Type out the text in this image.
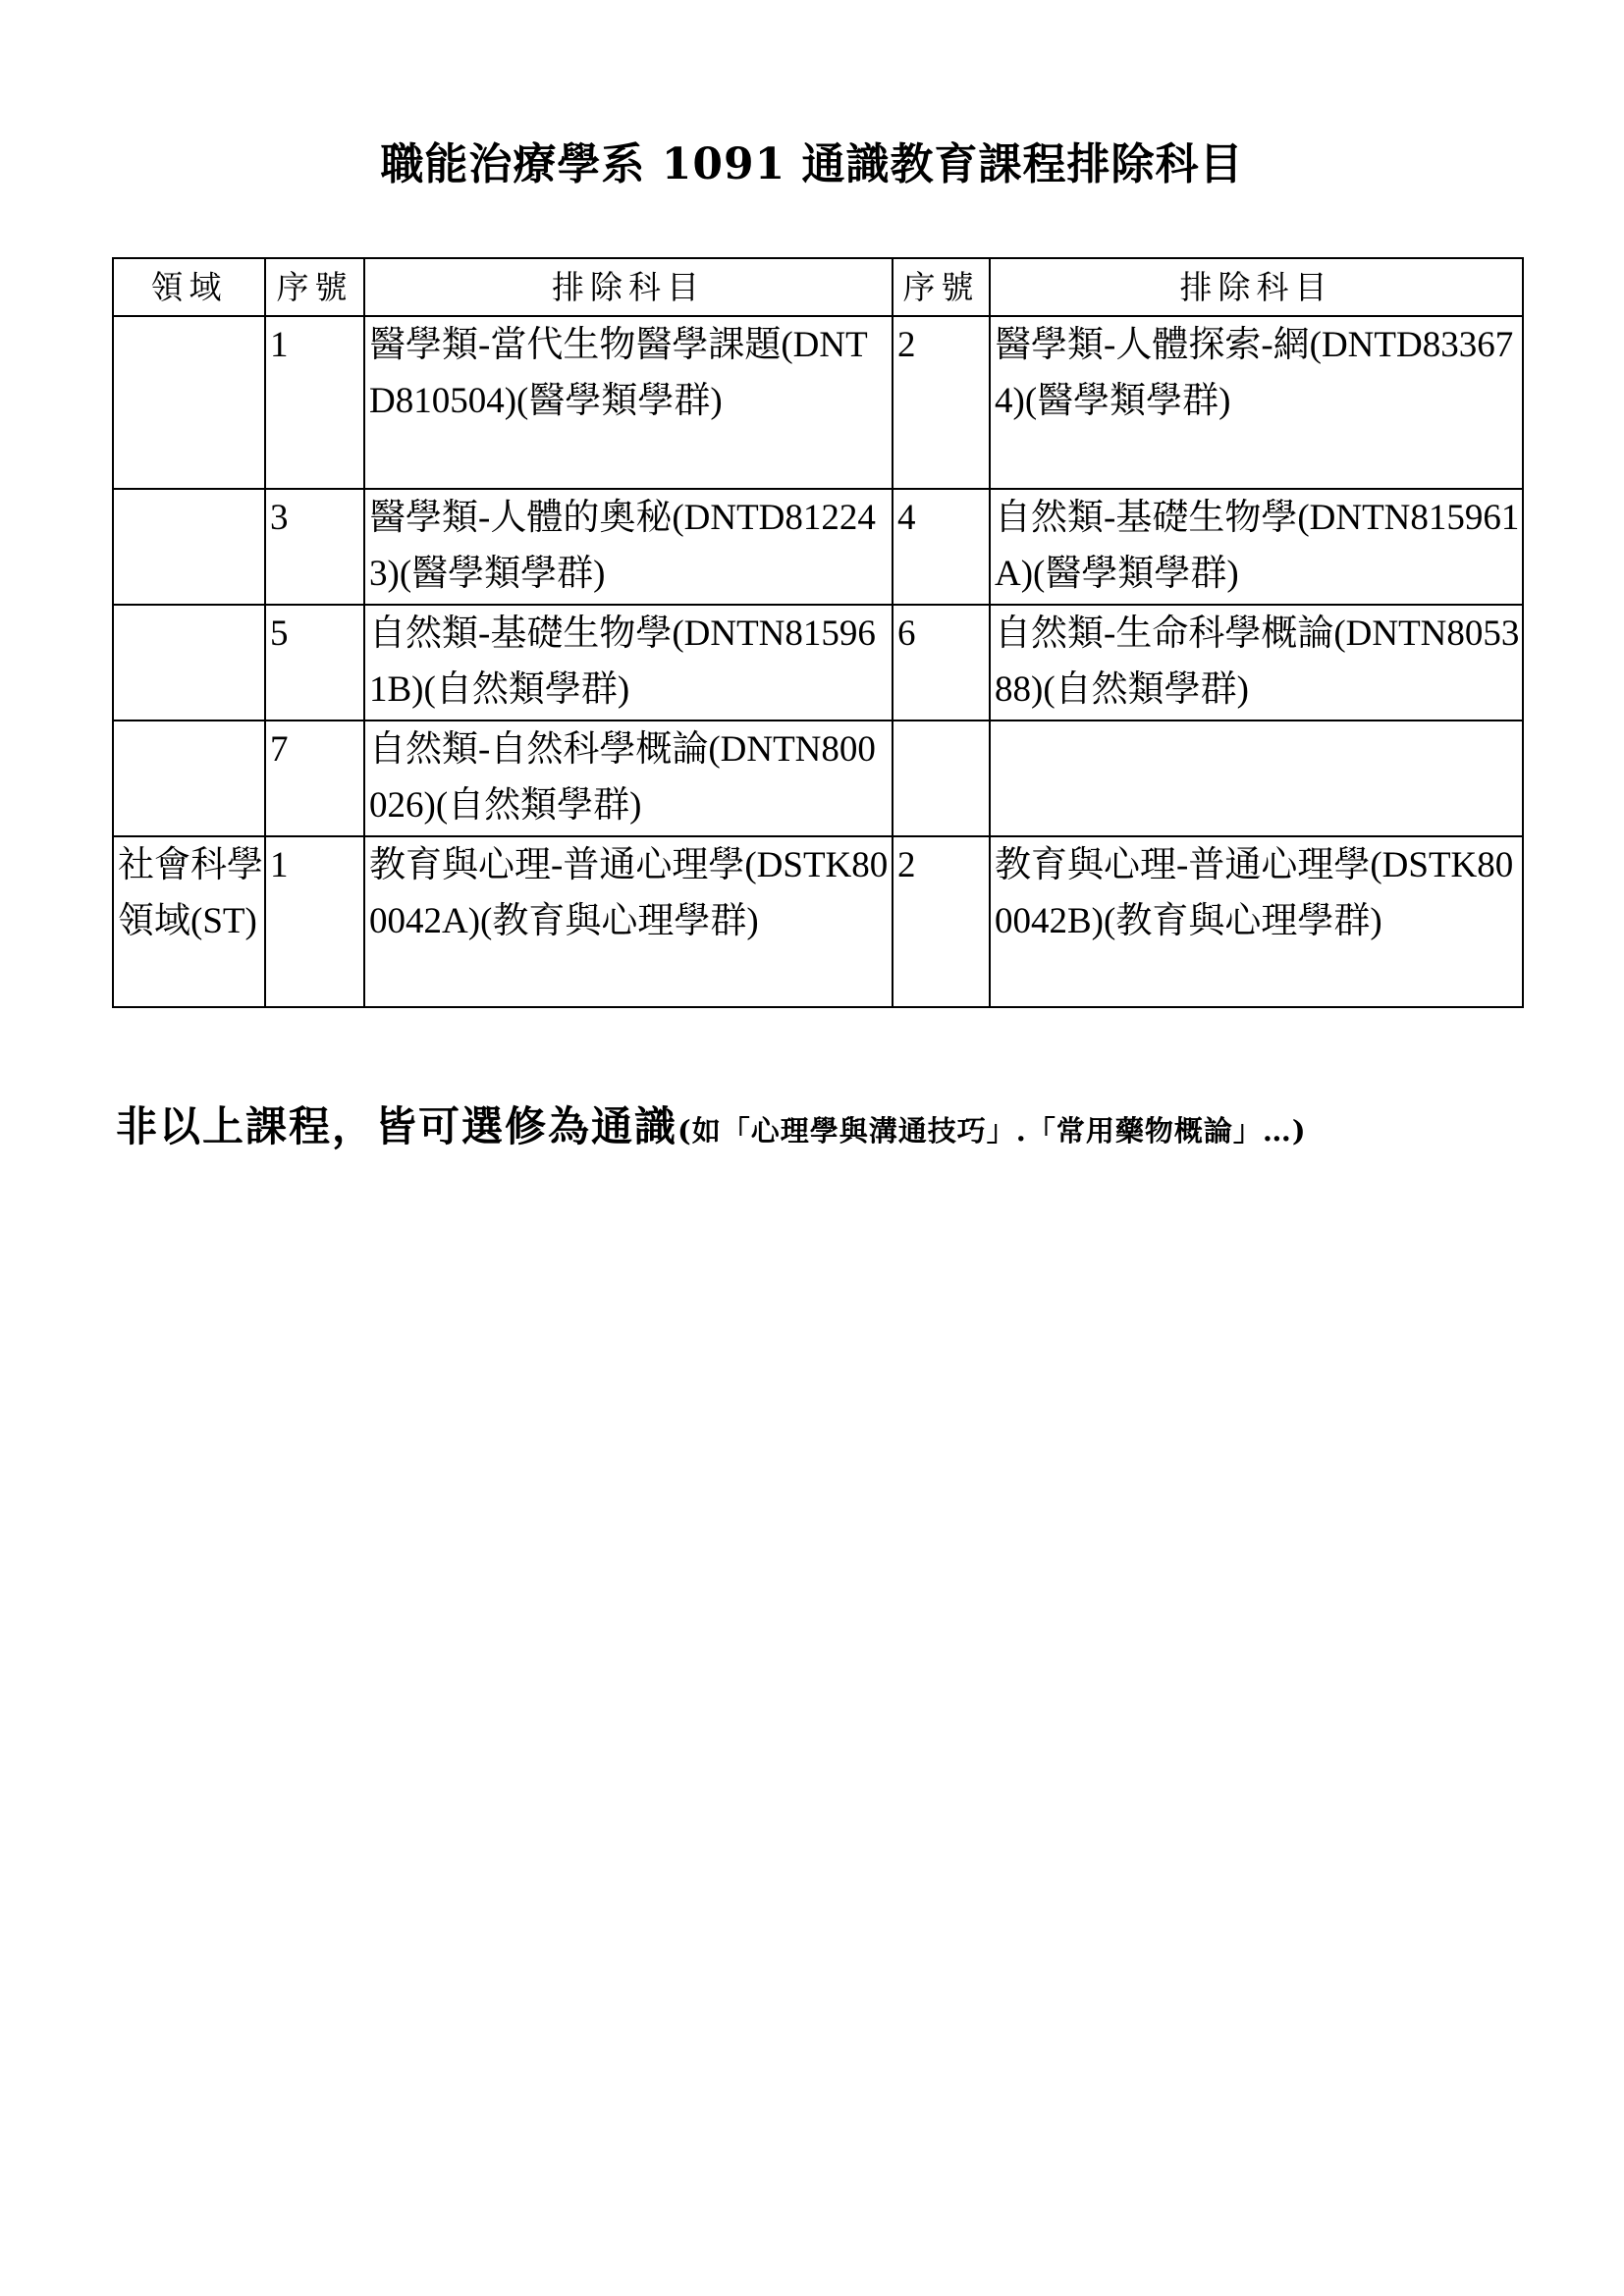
職能治療學系 1091 通識教育課程排除科目
領域	序號	排除科目	序號	排除科目
	1	醫學類-當代生物醫學課題(DNTD810504)(醫學類學群)	2	醫學類-人體探索-網(DNTD833674)(醫學類學群)
	3	醫學類-人體的奧秘(DNTD812243)(醫學類學群)	4	自然類-基礎生物學(DNTN815961A)(醫學類學群)
	5	自然類-基礎生物學(DNTN815961B)(自然類學群)	6	自然類-生命科學概論(DNTN805388)(自然類學群)
	7	自然類-自然科學概論(DNTN800026)(自然類學群)		
社會科學領域(ST)	1	教育與心理-普通心理學(DSTK800042A)(教育與心理學群)	2	教育與心理-普通心理學(DSTK800042B)(教育與心理學群)
非以上課程，皆可選修為通識(如「心理學與溝通技巧」.「常用藥物概論」…)
